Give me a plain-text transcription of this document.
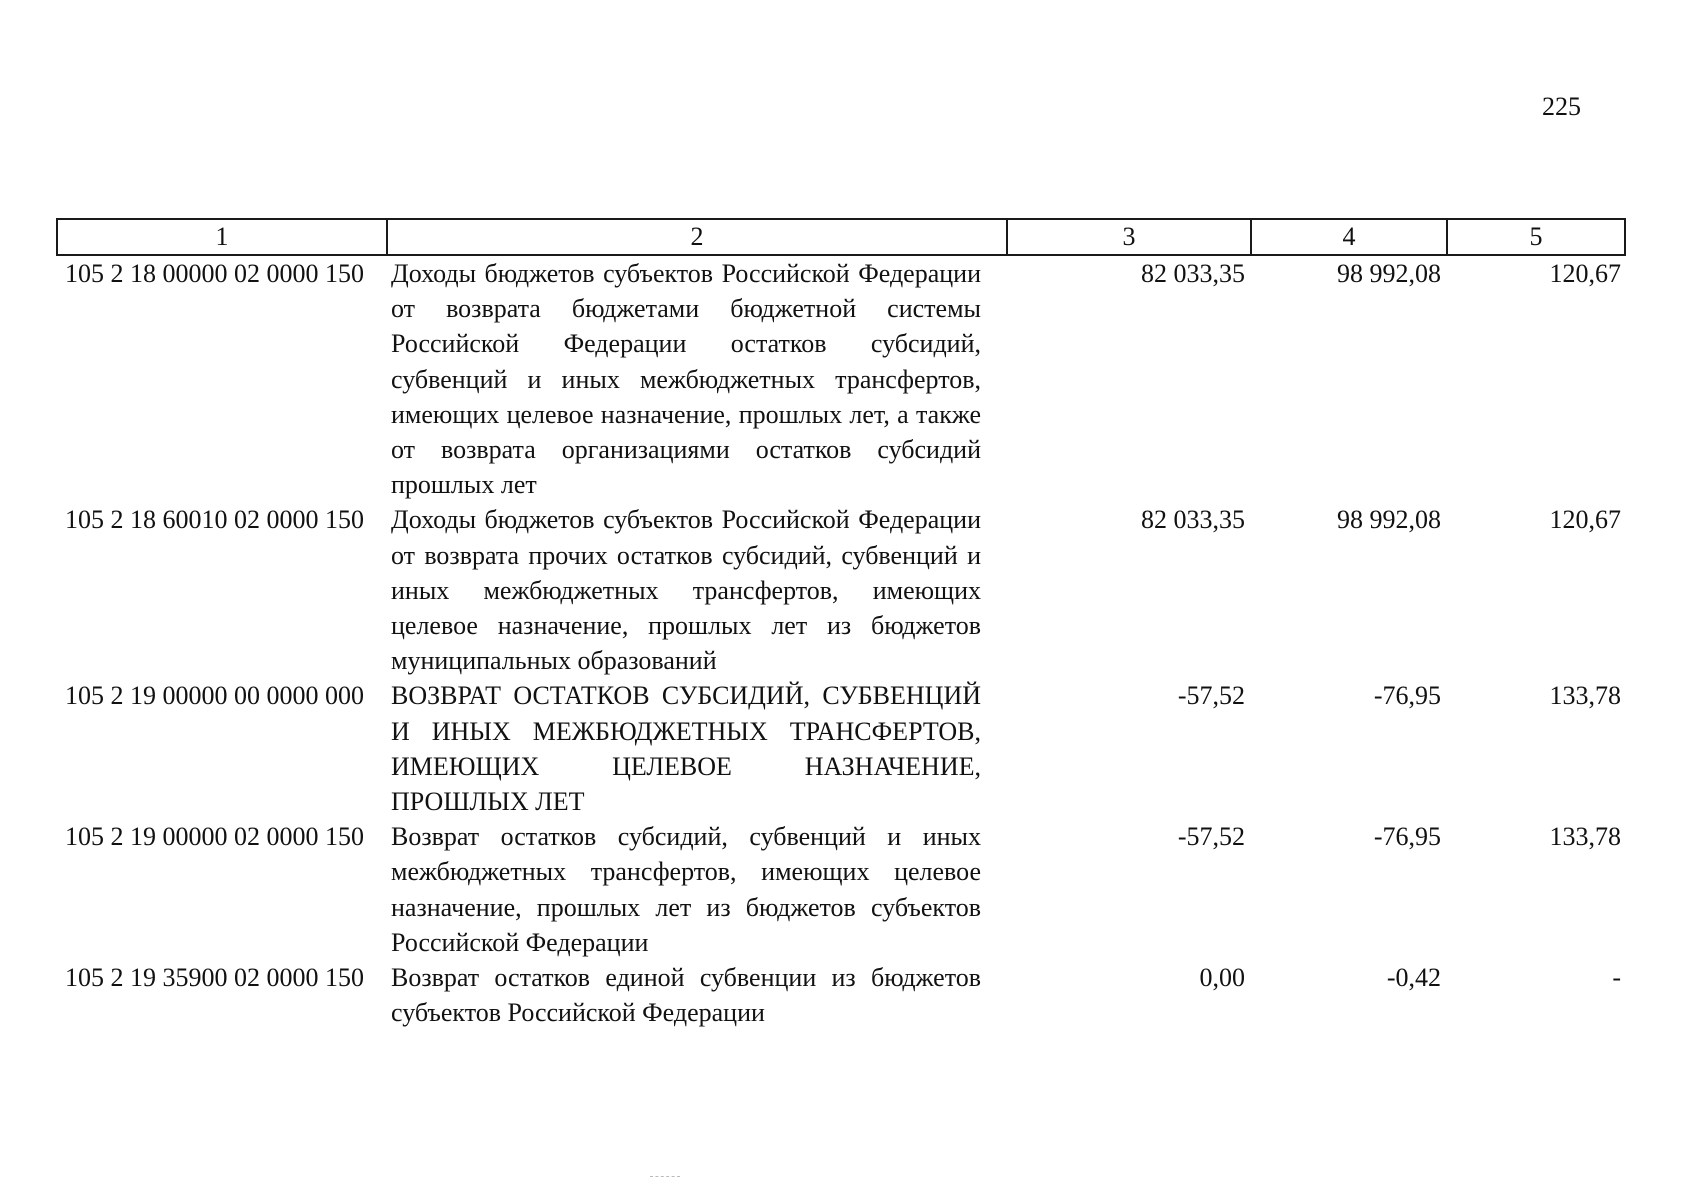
225
1	2	3	4	5
105 2 18 00000 02 0000 150	Доходы бюджетов субъектов Российской Федерации от возврата бюджетами бюджетной системы Российской Федерации остатков субсидий, субвенций и иных межбюджетных трансфертов, имеющих целевое назначение, прошлых лет, а также от возврата организациями остатков субсидий прошлых лет	82 033,35	98 992,08	120,67
105 2 18 60010 02 0000 150	Доходы бюджетов субъектов Российской Федерации от возврата прочих остатков субсидий, субвенций и иных межбюджетных трансфертов, имеющих целевое назначение, прошлых лет из бюджетов муниципальных образований	82 033,35	98 992,08	120,67
105 2 19 00000 00 0000 000	ВОЗВРАТ ОСТАТКОВ СУБСИДИЙ, СУБВЕНЦИЙ И ИНЫХ МЕЖБЮДЖЕТНЫХ ТРАНСФЕРТОВ, ИМЕЮЩИХ ЦЕЛЕВОЕ НАЗНАЧЕНИЕ, ПРОШЛЫХ ЛЕТ	-57,52	-76,95	133,78
105 2 19 00000 02 0000 150	Возврат остатков субсидий, субвенций и иных межбюджетных трансфертов, имеющих целевое назначение, прошлых лет из бюджетов субъектов Российской Федерации	-57,52	-76,95	133,78
105 2 19 35900 02 0000 150	Возврат остатков единой субвенции из бюджетов субъектов Российской Федерации	0,00	-0,42	-
